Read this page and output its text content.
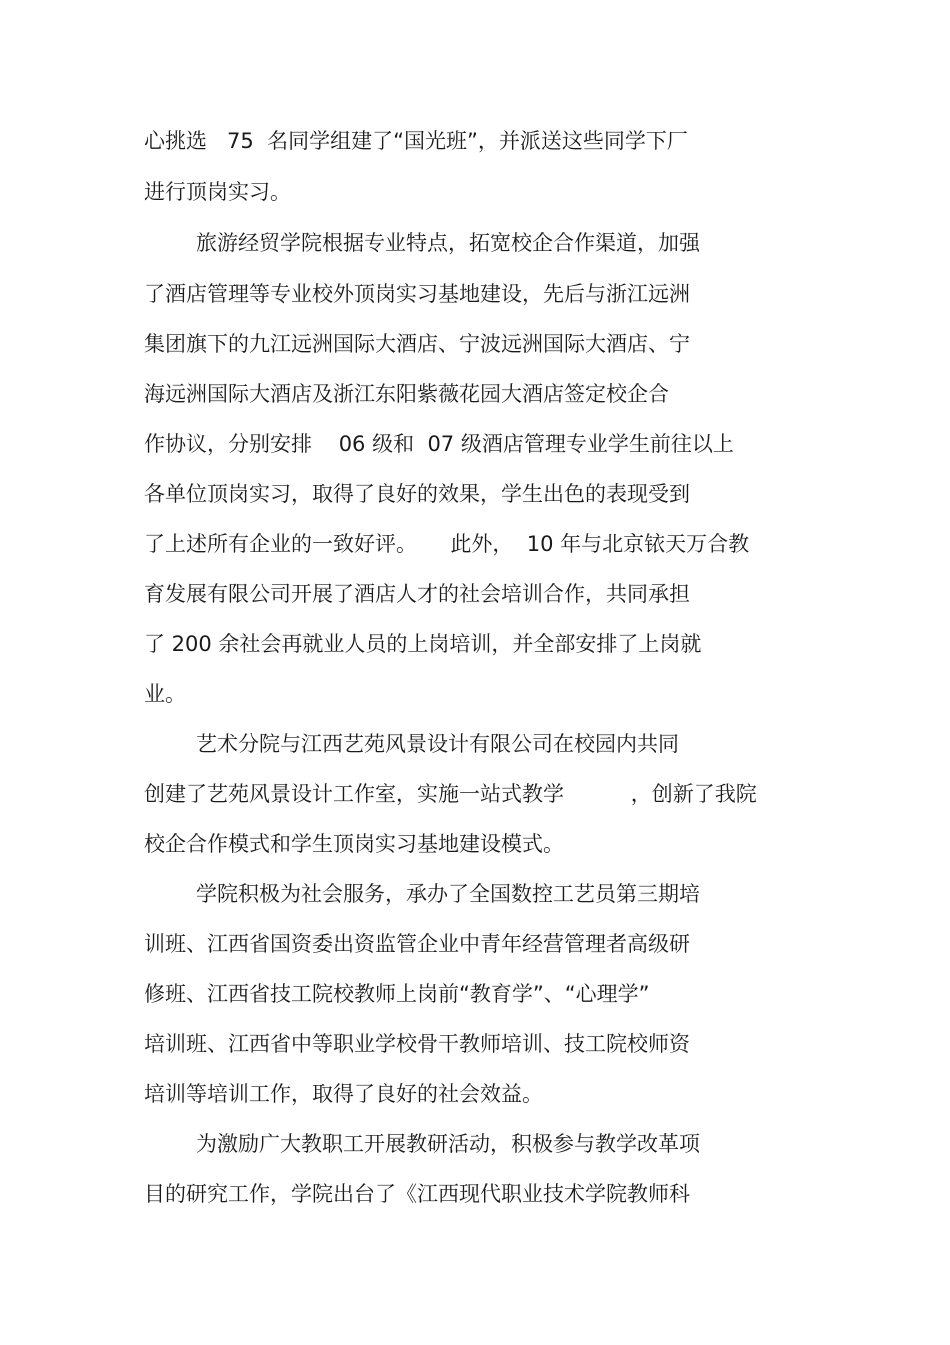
心挑选   75  名同学组建了“国光班”，并派送这些同学下厂
进行顶岗实习。
旅游经贸学院根据专业特点，拓宽校企合作渠道，加强
了酒店管理等专业校外顶岗实习基地建设，先后与浙江远洲
集团旗下的九江远洲国际大酒店、宁波远洲国际大酒店、宁
海远洲国际大酒店及浙江东阳紫薇花园大酒店签定校企合
作协议，分别安排    06 级和  07 级酒店管理专业学生前往以上
各单位顶岗实习，取得了良好的效果，学生出色的表现受到
了上述所有企业的一致好评。     此外，  10 年与北京铱天万合教
育发展有限公司开展了酒店人才的社会培训合作，共同承担
了 200 余社会再就业人员的上岗培训，并全部安排了上岗就
业。
艺术分院与江西艺苑风景设计有限公司在校园内共同
创建了艺苑风景设计工作室，实施一站式教学          ，创新了我院
校企合作模式和学生顶岗实习基地建设模式。
学院积极为社会服务，承办了全国数控工艺员第三期培
训班、江西省国资委出资监管企业中青年经营管理者高级研
修班、江西省技工院校教师上岗前“教育学”、“心理学”
培训班、江西省中等职业学校骨干教师培训、技工院校师资
培训等培训工作，取得了良好的社会效益。
为激励广大教职工开展教研活动，积极参与教学改革项
目的研究工作，学院出台了《江西现代职业技术学院教师科
